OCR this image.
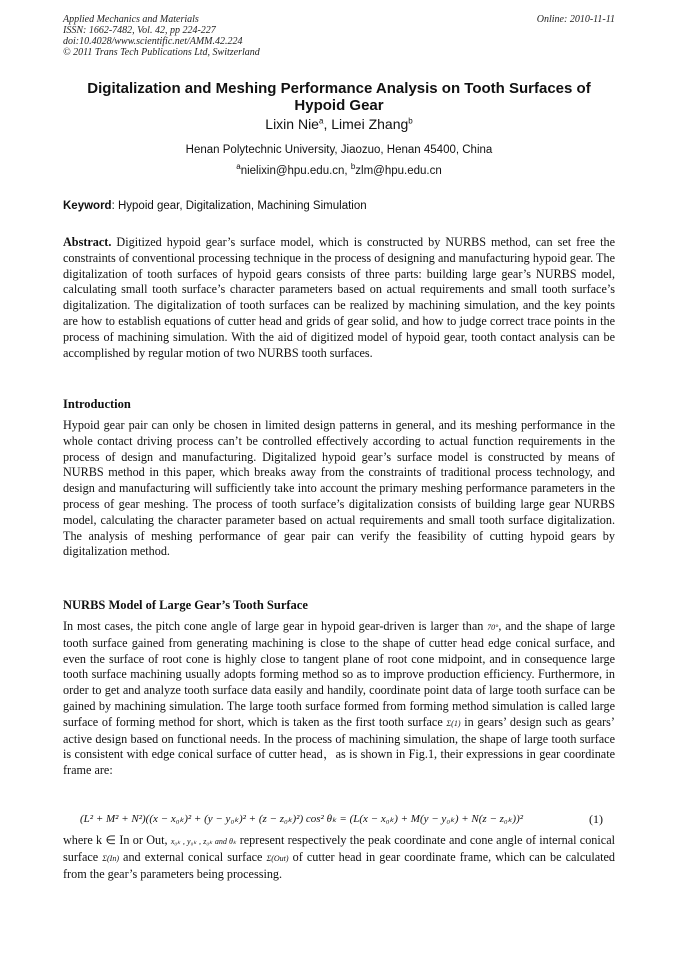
Applied Mechanics and Materials
ISSN: 1662-7482, Vol. 42, pp 224-227
doi:10.4028/www.scientific.net/AMM.42.224
© 2011 Trans Tech Publications Ltd, Switzerland
Online: 2010-11-11
Digitalization and Meshing Performance Analysis on Tooth Surfaces of Hypoid Gear
Lixin Nie$^a$, Limei Zhang$^b$
Henan Polytechnic University, Jiaozuo, Henan 45400, China
$^a$nielixin@hpu.edu.cn, $^b$zlm@hpu.edu.cn
Keyword: Hypoid gear, Digitalization, Machining Simulation
Abstract. Digitized hypoid gear’s surface model, which is constructed by NURBS method, can set free the constraints of conventional processing technique in the process of designing and manufacturing hypoid gear. The digitalization of tooth surfaces of hypoid gears consists of three parts: building large gear’s NURBS model, calculating small tooth surface’s character parameters based on actual requirements and small tooth surface’s digitalization. The digitalization of tooth surfaces can be realized by machining simulation, and the key points are how to establish equations of cutter head and grids of gear solid, and how to judge correct trace points in the process of machining simulation. With the aid of digitized model of hypoid gear, tooth contact analysis can be accomplished by regular motion of two NURBS tooth surfaces.
Introduction
Hypoid gear pair can only be chosen in limited design patterns in general, and its meshing performance in the whole contact driving process can’t be controlled effectively according to actual function requirements in the process of design and manufacturing. Digitalized hypoid gear’s surface model is constructed by means of NURBS method in this paper, which breaks away from the constraints of traditional process technology, and design and manufacturing will sufficiently take into account the primary meshing performance parameters in the process of gear meshing. The process of tooth surface’s digitalization consists of building large gear NURBS model, calculating the character parameter based on actual requirements and small tooth surface digitalization. The analysis of meshing performance of gear pair can verify the feasibility of cutting hypoid gears by digitalization method.
NURBS Model of Large Gear’s Tooth Surface
In most cases, the pitch cone angle of large gear in hypoid gear-driven is larger than 70°, and the shape of large tooth surface gained from generating machining is close to the shape of cutter head edge conical surface, and even the surface of root cone is highly close to tangent plane of root cone midpoint, and in consequence large tooth surface machining usually adopts forming method so as to improve production efficiency. Furthermore, in order to get and analyze tooth surface data easily and handily, coordinate point data of large tooth surface can be gained by machining simulation. The large tooth surface formed from forming method simulation is called large surface of forming method for short, which is taken as the first tooth surface Σ(1) in gears’ design such as gears’ active design based on functional needs. In the process of machining simulation, the shape of large tooth surface is consistent with edge conical surface of cutter head，as is shown in Fig.1, their expressions in gear coordinate frame are:
(L² + M² + N²)((x − x₀ₖ)² + (y − y₀ₖ)² + (z − z₀ₖ)²) cos² θₖ = (L(x − x₀ₖ) + M(y − y₀ₖ) + N(z − z₀ₖ))²	(1)
where k ∈ In or Out, x₀ₖ , y₀ₖ , z₀ₖ and θₖ represent respectively the peak coordinate and cone angle of internal conical surface Σ(In) and external conical surface Σ(Out) of cutter head in gear coordinate frame, which can be calculated from the gear’s parameters being processing.
